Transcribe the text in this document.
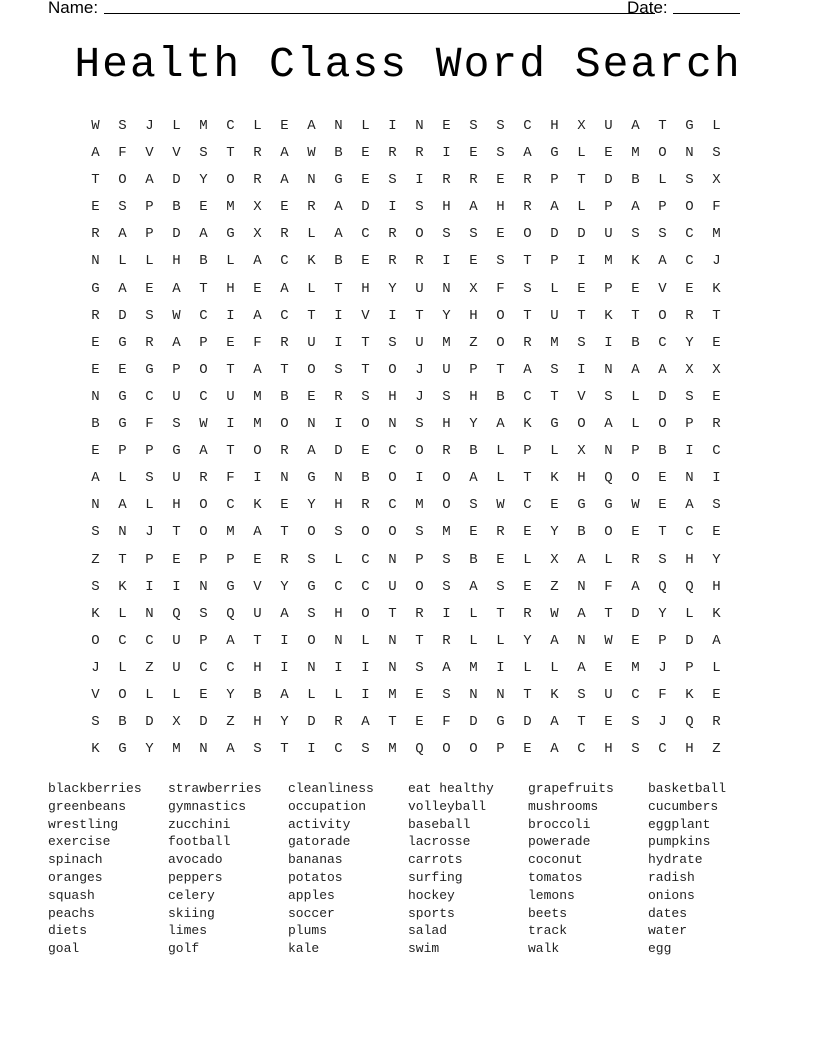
Name:	Date:
Health Class Word Search
W	S	J	L	M	C	L	E	A	N	L	I	N	E	S	S	C	H	X	U	A	T	G	L
A	F	V	V	S	T	R	A	W	B	E	R	R	I	E	S	A	G	L	E	M	O	N	S
T	O	A	D	Y	O	R	A	N	G	E	S	I	R	R	E	R	P	T	D	B	L	S	X
E	S	P	B	E	M	X	E	R	A	D	I	S	H	A	H	R	A	L	P	A	P	O	F
R	A	P	D	A	G	X	R	L	A	C	R	O	S	S	E	O	D	D	U	S	S	C	M
N	L	L	H	B	L	A	C	K	B	E	R	R	I	E	S	T	P	I	M	K	A	C	J
G	A	E	A	T	H	E	A	L	T	H	Y	U	N	X	F	S	L	E	P	E	V	E	K
R	D	S	W	C	I	A	C	T	I	V	I	T	Y	H	O	T	U	T	K	T	O	R	T
E	G	R	A	P	E	F	R	U	I	T	S	U	M	Z	O	R	M	S	I	B	C	Y	E
E	E	G	P	O	T	A	T	O	S	T	O	J	U	P	T	A	S	I	N	A	A	X	X
N	G	C	U	C	U	M	B	E	R	S	H	J	S	H	B	C	T	V	S	L	D	S	E
B	G	F	S	W	I	M	O	N	I	O	N	S	H	Y	A	K	G	O	A	L	O	P	R
E	P	P	G	A	T	O	R	A	D	E	C	O	R	B	L	P	L	X	N	P	B	I	C
A	L	S	U	R	F	I	N	G	N	B	O	I	O	A	L	T	K	H	Q	O	E	N	I
N	A	L	H	O	C	K	E	Y	H	R	C	M	O	S	W	C	E	G	G	W	E	A	S
S	N	J	T	O	M	A	T	O	S	O	O	S	M	E	R	E	Y	B	O	E	T	C	E
Z	T	P	E	P	P	E	R	S	L	C	N	P	S	B	E	L	X	A	L	R	S	H	Y
S	K	I	I	N	G	V	Y	G	C	C	U	O	S	A	S	E	Z	N	F	A	Q	Q	H
K	L	N	Q	S	Q	U	A	S	H	O	T	R	I	L	T	R	W	A	T	D	Y	L	K
O	C	C	U	P	A	T	I	O	N	L	N	T	R	L	L	Y	A	N	W	E	P	D	A
J	L	Z	U	C	C	H	I	N	I	I	N	S	A	M	I	L	L	A	E	M	J	P	L
V	O	L	L	E	Y	B	A	L	L	I	M	E	S	N	N	T	K	S	U	C	F	K	E
S	B	D	X	D	Z	H	Y	D	R	A	T	E	F	D	G	D	A	T	E	S	J	Q	R
K	G	Y	M	N	A	S	T	I	C	S	M	Q	O	O	P	E	A	C	H	S	C	H	Z
blackberries
greenbeans
wrestling
exercise
spinach
oranges
squash
peachs
diets
goal
strawberries
gymnastics
zucchini
football
avocado
peppers
celery
skiing
limes
golf
cleanliness
occupation
activity
gatorade
bananas
potatos
apples
soccer
plums
kale
eat healthy
volleyball
baseball
lacrosse
carrots
surfing
hockey
sports
salad
swim
grapefruits
mushrooms
broccoli
powerade
coconut
tomatos
lemons
beets
track
walk
basketball
cucumbers
eggplant
pumpkins
hydrate
radish
onions
dates
water
egg
